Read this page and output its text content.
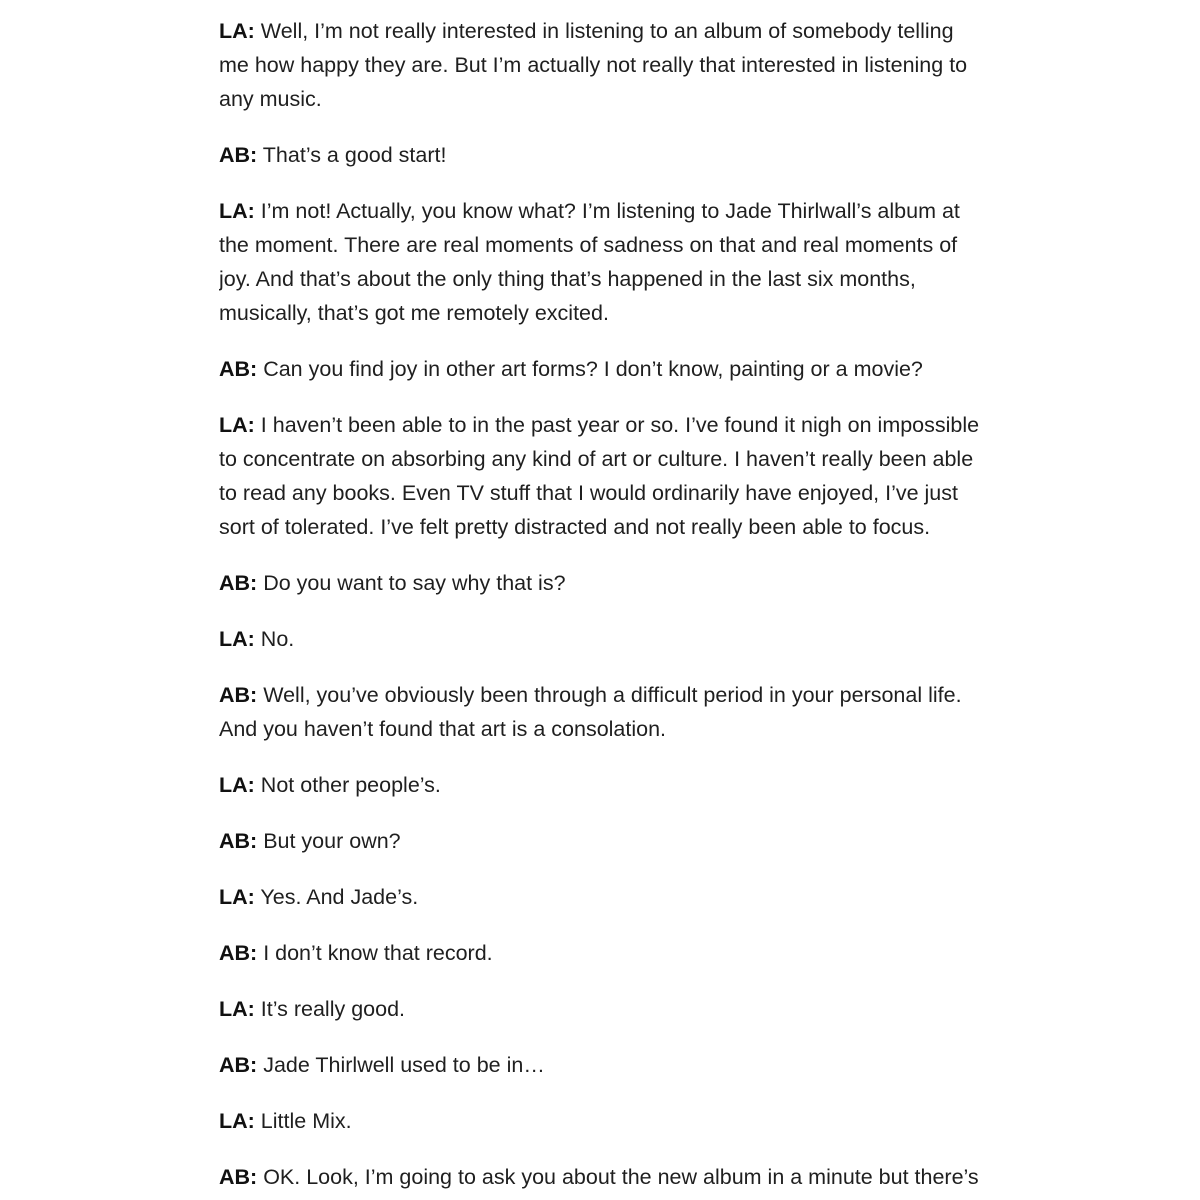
LA: Well, I’m not really interested in listening to an album of somebody telling me how happy they are. But I’m actually not really that interested in listening to any music.

AB: That’s a good start!

LA: I’m not! Actually, you know what? I’m listening to Jade Thirlwall’s album at the moment. There are real moments of sadness on that and real moments of joy. And that’s about the only thing that’s happened in the last six months, musically, that’s got me remotely excited.

AB: Can you find joy in other art forms? I don’t know, painting or a movie?

LA: I haven’t been able to in the past year or so. I’ve found it nigh on impossible to concentrate on absorbing any kind of art or culture. I haven’t really been able to read any books. Even TV stuff that I would ordinarily have enjoyed, I’ve just sort of tolerated. I’ve felt pretty distracted and not really been able to focus.

AB: Do you want to say why that is?

LA: No.

AB: Well, you’ve obviously been through a difficult period in your personal life. And you haven’t found that art is a consolation.

LA: Not other people’s.

AB: But your own?

LA: Yes. And Jade’s.

AB: I don’t know that record.

LA: It’s really good.

AB: Jade Thirlwell used to be in…

LA: Little Mix.

AB: OK. Look, I’m going to ask you about the new album in a minute but there’s
